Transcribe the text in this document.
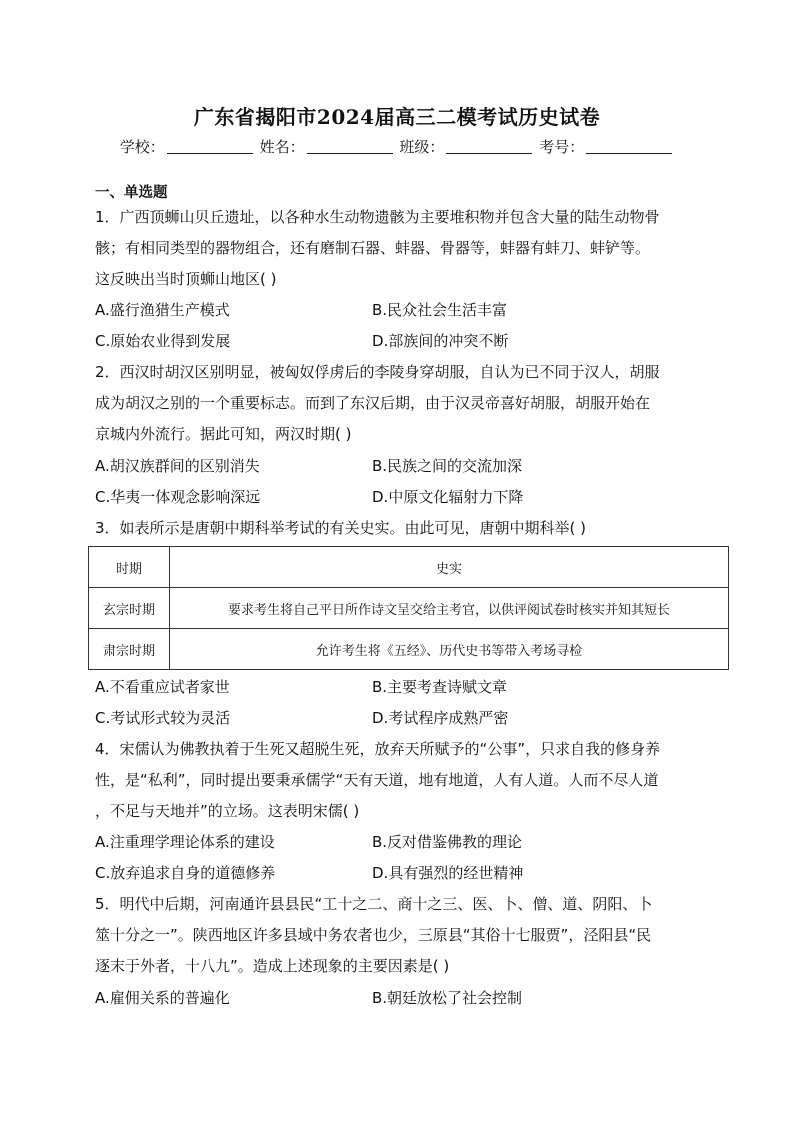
广东省揭阳市2024届高三二模考试历史试卷
学校：	姓名：	班级：	考号：
一、单选题
1．广西顶蛳山贝丘遗址，以各种水生动物遗骸为主要堆积物并包含大量的陆生动物骨
骸；有相同类型的器物组合，还有磨制石器、蚌器、骨器等，蚌器有蚌刀、蚌铲等。
这反映出当时顶蛳山地区( )
A.盛行渔猎生产模式	B.民众社会生活丰富
C.原始农业得到发展	D.部族间的冲突不断
2．西汉时胡汉区别明显，被匈奴俘虏后的李陵身穿胡服，自认为已不同于汉人，胡服
成为胡汉之别的一个重要标志。而到了东汉后期，由于汉灵帝喜好胡服，胡服开始在
京城内外流行。据此可知，两汉时期( )
A.胡汉族群间的区别消失	B.民族之间的交流加深
C.华夷一体观念影响深远	D.中原文化辐射力下降
3．如表所示是唐朝中期科举考试的有关史实。由此可见，唐朝中期科举( )
时期	史实
玄宗时期	要求考生将自己平日所作诗文呈交给主考官，以供评阅试卷时核实并知其短长
肃宗时期	允许考生将《五经》、历代史书等带入考场寻检
A.不看重应试者家世	B.主要考查诗赋文章
C.考试形式较为灵活	D.考试程序成熟严密
4．宋儒认为佛教执着于生死又超脱生死，放弃天所赋予的“公事”，只求自我的修身养
性，是“私利”，同时提出要秉承儒学“天有天道，地有地道，人有人道。人而不尽人道
，不足与天地并”的立场。这表明宋儒( )
A.注重理学理论体系的建设	B.反对借鉴佛教的理论
C.放弃追求自身的道德修养	D.具有强烈的经世精神
5．明代中后期，河南通许县县民“工十之二、商十之三、医、卜、僧、道、阴阳、卜
筮十分之一”。陕西地区许多县域中务农者也少，三原县“其俗十七服贾”，泾阳县“民
逐末于外者，十八九”。造成上述现象的主要因素是( )
A.雇佣关系的普遍化	B.朝廷放松了社会控制
